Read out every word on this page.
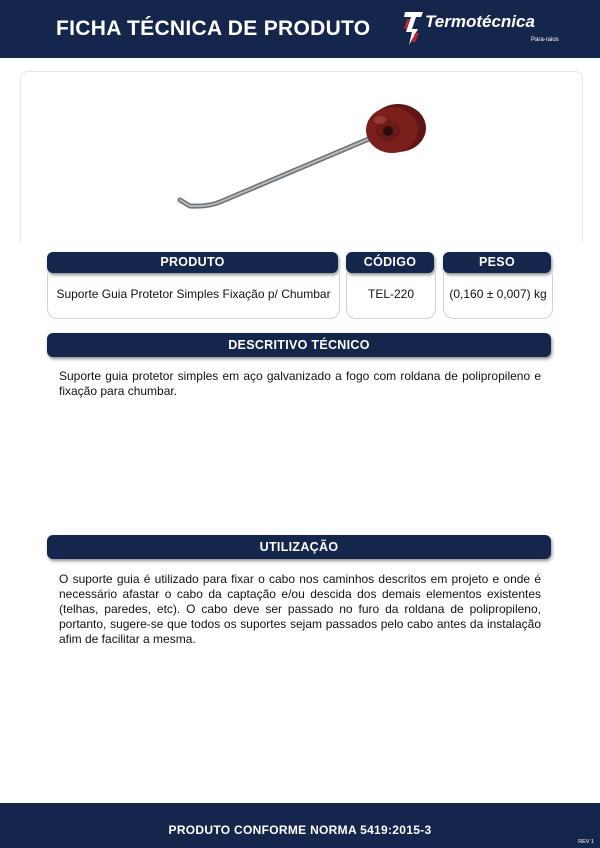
FICHA TÉCNICA DE PRODUTO	Termotécnica
Para-raios
PRODUTO	CÓDIGO	PESO
Suporte Guia Protetor Simples Fixação p/ Chumbar	TEL-220	(0,160 ± 0,007) kg
DESCRITIVO TÉCNICO
Suporte guia protetor simples em aço galvanizado a fogo com roldana de polipropileno e fixação para chumbar.
UTILIZAÇÃO
O suporte guia é utilizado para fixar o cabo nos caminhos descritos em projeto e onde é necessário afastar o cabo da captação e/ou descida dos demais elementos existentes (telhas, paredes, etc). O cabo deve ser passado no furo da roldana de polipropileno, portanto, sugere-se que todos os suportes sejam passados pelo cabo antes da instalação afim de facilitar a mesma.
PRODUTO CONFORME NORMA 5419:2015-3
REV 1
